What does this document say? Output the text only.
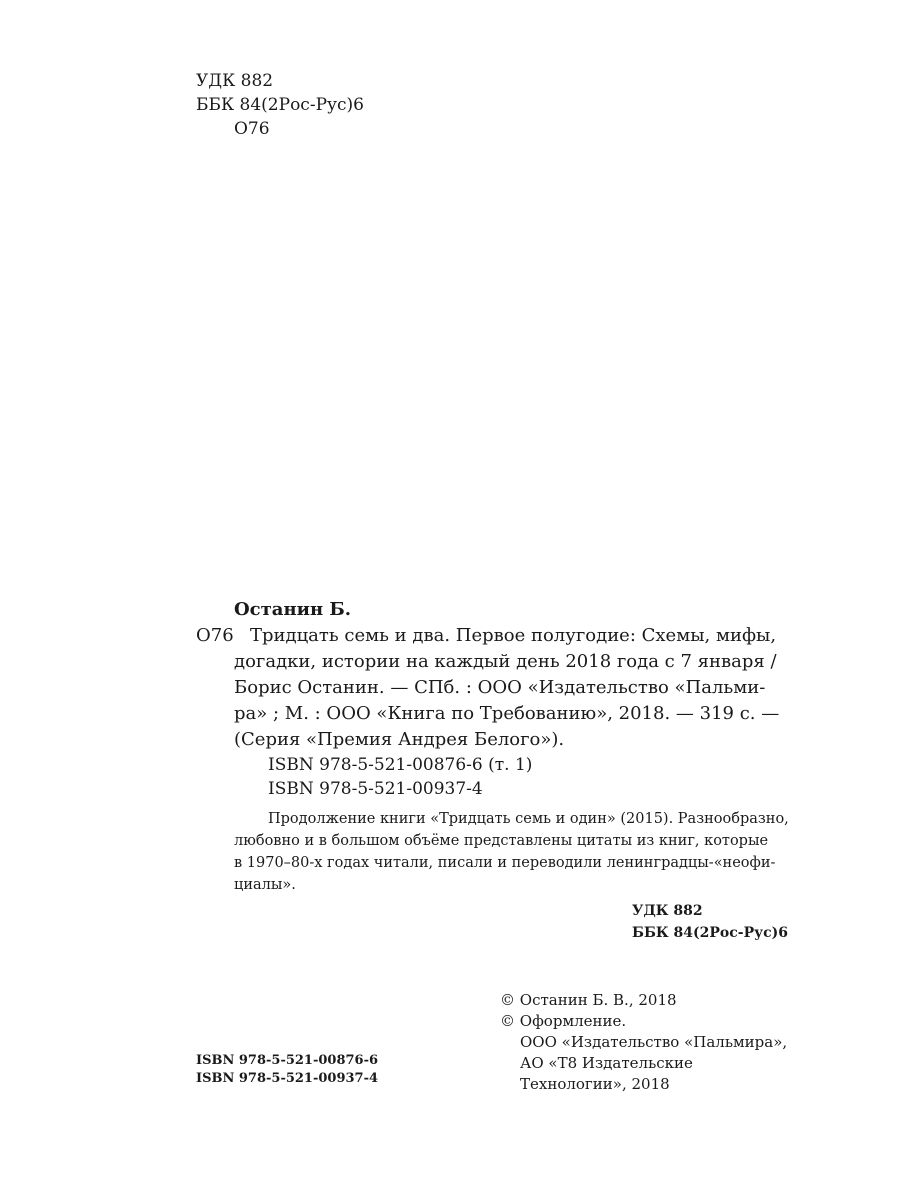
УДК 882
ББК 84(2Рос-Рус)6
О76
Останин Б.
О76 Тридцать семь и два. Первое полугодие: Схемы, мифы,
догадки, истории на каждый день 2018 года с 7 января /
Борис Останин. — СПб. : ООО «Издательство «Пальми-
ра» ; М. : ООО «Книга по Требованию», 2018. — 319 с. —
(Серия «Премия Андрея Белого»).
ISBN 978-5-521-00876-6 (т. 1)
ISBN 978-5-521-00937-4
Продолжение книги «Тридцать семь и один» (2015). Разнообразно,
любовно и в большом объёме представлены цитаты из книг, которые
в 1970–80-х годах читали, писали и переводили ленинградцы-«неофи-
циалы».
УДК 882
ББК 84(2Рос-Рус)6
© Останин Б. В., 2018
© Оформление.
ООО «Издательство «Пальмира»,
АО «Т8 Издательские
Технологии», 2018
ISBN 978-5-521-00876-6
ISBN 978-5-521-00937-4
